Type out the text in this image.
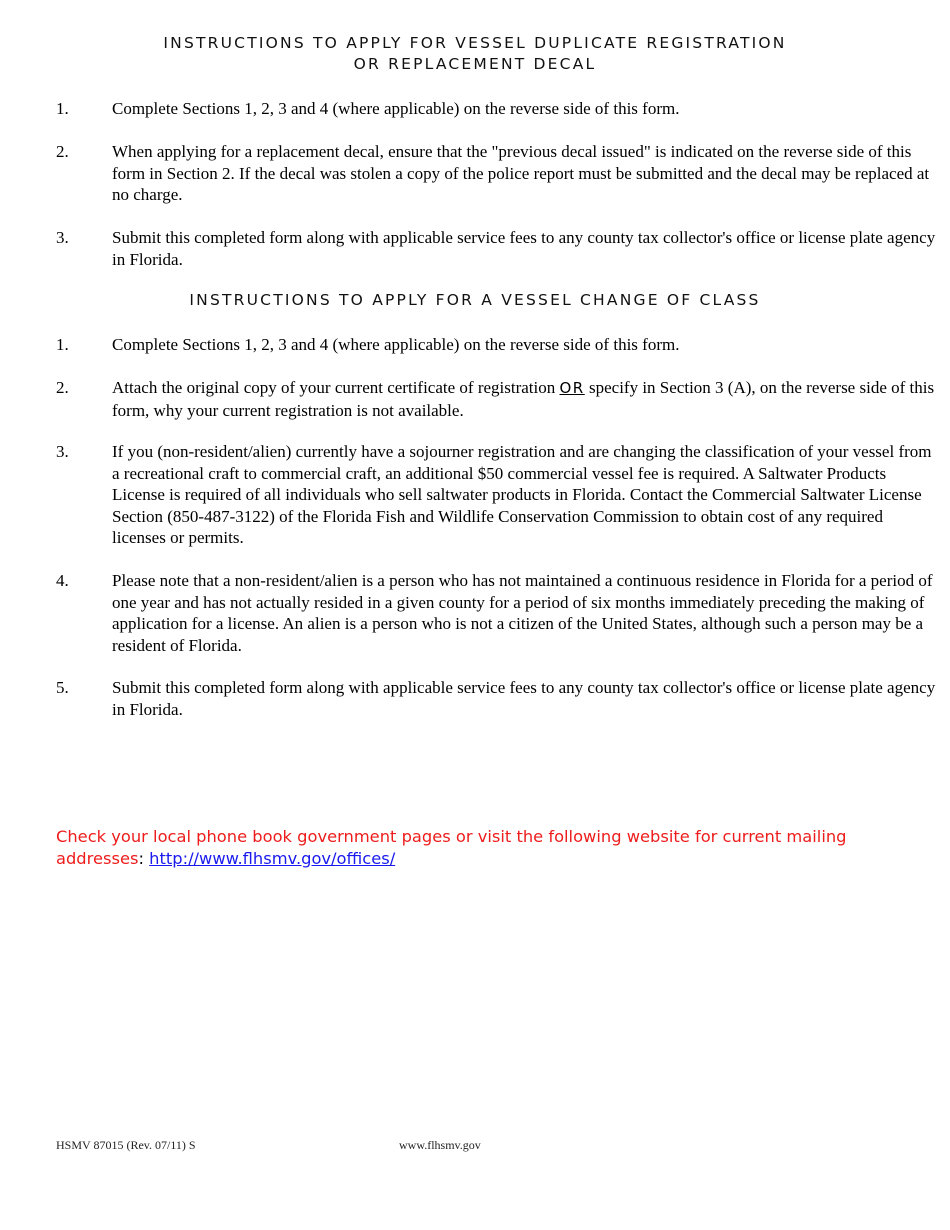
INSTRUCTIONS TO APPLY FOR VESSEL DUPLICATE REGISTRATION
OR REPLACEMENT DECAL
1.	Complete Sections 1, 2, 3 and 4 (where applicable) on the reverse side of this form.
2.	When applying for a replacement decal, ensure that the "previous decal issued" is indicated on the reverse side of this form in Section 2. If the decal was stolen a copy of the police report must be submitted and the decal may be replaced at no charge.
3.	Submit this completed form along with applicable service fees to any county tax collector's office or license plate agency in Florida.
INSTRUCTIONS TO APPLY FOR A VESSEL CHANGE OF CLASS
1.	Complete Sections 1, 2, 3 and 4 (where applicable) on the reverse side of this form.
2.	Attach the original copy of your current certificate of registration OR specify in Section 3 (A), on the reverse side of this form, why your current registration is not available.
3.	If you (non-resident/alien) currently have a sojourner registration and are changing the classification of your vessel from a recreational craft to commercial craft, an additional $50 commercial vessel fee is required. A Saltwater Products License is required of all individuals who sell saltwater products in Florida. Contact the Commercial Saltwater License Section (850-487-3122) of the Florida Fish and Wildlife Conservation Commission to obtain cost of any required licenses or permits.
4.	Please note that a non-resident/alien is a person who has not maintained a continuous residence in Florida for a period of one year and has not actually resided in a given county for a period of six months immediately preceding the making of application for a license. An alien is a person who is not a citizen of the United States, although such a person may be a resident of Florida.
5.	Submit this completed form along with applicable service fees to any county tax collector's office or license plate agency in Florida.
Check your local phone book government pages or visit the following website for current mailing addresses: http://www.flhsmv.gov/offices/
HSMV 87015 (Rev. 07/11) S	www.flhsmv.gov
